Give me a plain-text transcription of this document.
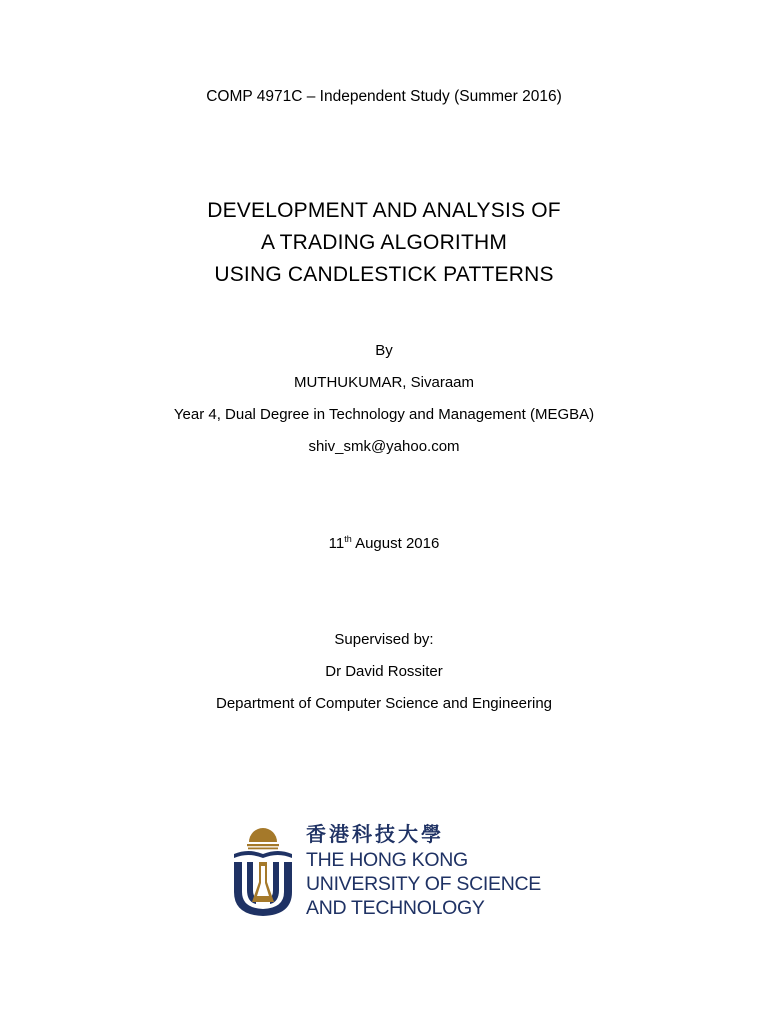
COMP 4971C – Independent Study (Summer 2016)
DEVELOPMENT AND ANALYSIS OF
A TRADING ALGORITHM
USING CANDLESTICK PATTERNS
By
MUTHUKUMAR, Sivaraam
Year 4, Dual Degree in Technology and Management (MEGBA)
shiv_smk@yahoo.com
11th August 2016
Supervised by:
Dr David Rossiter
Department of Computer Science and Engineering
香港科技大學
THE HONG KONG
UNIVERSITY OF SCIENCE
AND TECHNOLOGY
